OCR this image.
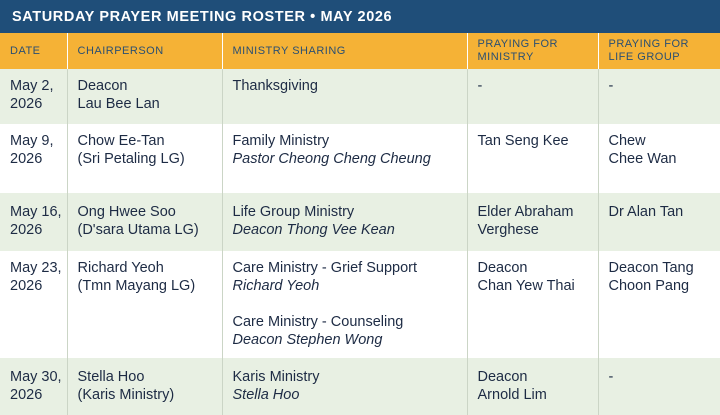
SATURDAY PRAYER MEETING ROSTER • MAY 2026
DATE	CHAIRPERSON	MINISTRY SHARING	PRAYING FOR
MINISTRY	PRAYING FOR
LIFE GROUP

May 2,
2026	Deacon
Lau Bee Lan	Thanksgiving	-	-

May 9,
2026	Chow Ee-Tan
(Sri Petaling LG)	Family Ministry
Pastor Cheong Cheng Cheung	Tan Seng Kee	Chew
Chee Wan

May 16,
2026	Ong Hwee Soo
(D'sara Utama LG)	Life Group Ministry
Deacon Thong Vee Kean	Elder Abraham
Verghese	Dr Alan Tan

May 23,
2026	Richard Yeoh
(Tmn Mayang LG)	Care Ministry - Grief Support
Richard Yeoh
Care Ministry - Counseling
Deacon Stephen Wong	Deacon
Chan Yew Thai	Deacon Tang
Choon Pang

May 30,
2026	Stella Hoo
(Karis Ministry)	Karis Ministry
Stella Hoo	Deacon
Arnold Lim	-
